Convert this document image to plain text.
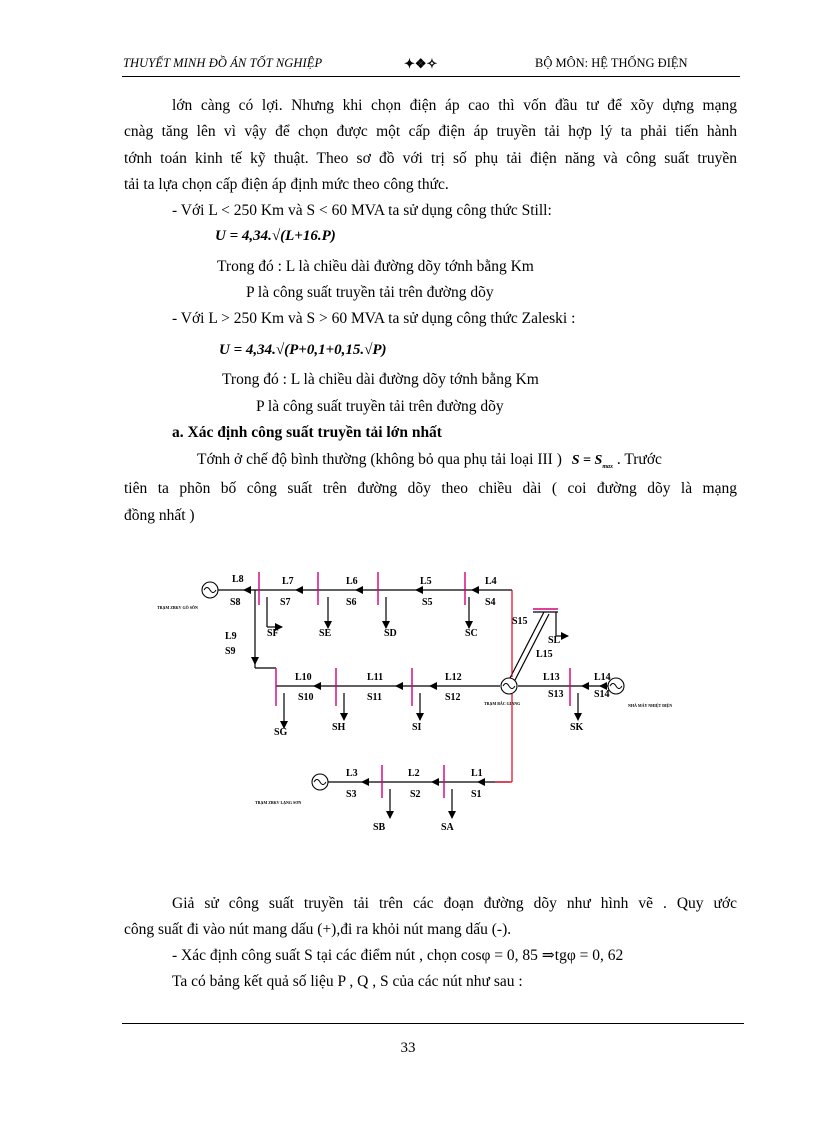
THUYẾT MINH ĐỒ ÁN TỐT NGHIỆP	✦❖✧	BỘ MÔN: HỆ THỐNG ĐIỆN
lớn càng có lợi. Nhưng khi chọn điện áp cao thì vốn đầu tư để xõy dựng mạng
cnàg tăng lên vì vậy để chọn được một cấp điện áp truyền tải hợp lý ta phải tiến hành
tớnh toán kinh tế kỹ thuật. Theo sơ đồ với trị số phụ tải điện năng và công suất truyền
tải ta lựa chọn cấp điện áp định mức theo công thức.
- Với L < 250 Km và S < 60 MVA ta sử dụng công thức Still:
U = 4,34.√(L+16.P)
Trong đó : L là chiều dài đường dõy tớnh bằng Km
P là công suất truyền tải trên đường dõy
- Với L > 250 Km và S > 60 MVA ta sử dụng công thức Zaleski :
U = 4,34.√(P+0,1+0,15.√P)
Trong đó : L là chiều dài đường dõy tớnh bằng Km
P là công suất truyền tải trên đường dõy
a. Xác định công suất truyền tải lớn nhất
Tớnh ở chế độ bình thường (không bỏ qua phụ tải loại III ) $S = S_{max}$ . Trước
tiên ta phõn bố công suất trên đường dõy theo chiều dài ( coi đường dõy là mạng
đồng nhất )
L8
S8
L7
S7
L6
S6
L5
S5
L4
S4
SF	SE	SD	SC
L9
S9
S15
SL
L15
L10
S10
L11
S11
L12
S12
L13
S13
L14
S14
SG	SH	SI	SK
L3
S3
L2
S2
L1
S1
SB	SA
TRẠM ZBKV GÒ SÔN
TRẠM BẮC GIANG	NHÀ MÁY NHIỆT ĐIỆN
TRẠM ZBKV LẠNG SƠN
Giả sử công suất truyền tải trên các đoạn đường dõy như hình vẽ . Quy ước
công suất đi vào nút mang dấu (+),đi ra khỏi nút mang dấu (-).
- Xác định công suất S tại các điểm nút , chọn cosφ = 0, 85 ⇒tgφ = 0, 62
Ta có bảng kết quả số liệu P , Q , S của các nút như sau :
33
